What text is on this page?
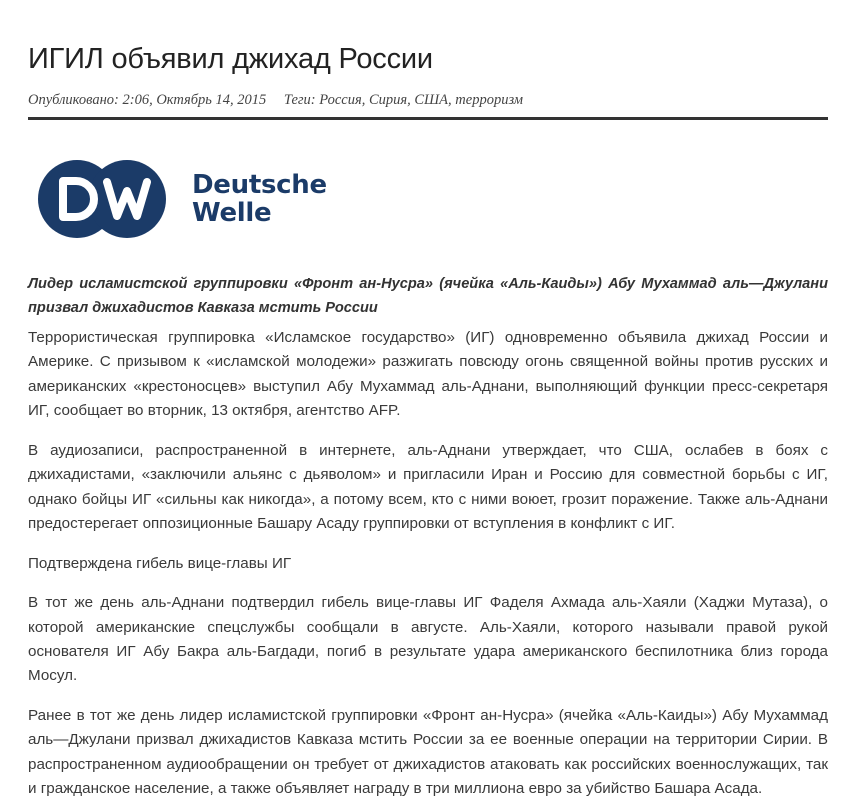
ИГИЛ объявил джихад России
Опубликовано: 2:06, Октябрь 14, 2015 Теги: Россия, Сирия, США, терроризм
Deutsche
Welle
Лидер исламистской группировки «Фронт ан-Нусра» (ячейка «Аль-Каиды») Абу Мухаммад аль—Джулани призвал джихадистов Кавказа мстить России

Террористическая группировка «Исламское государство» (ИГ) одновременно объявила джихад России и Америке. С призывом к «исламской молодежи» разжигать повсюду огонь священной войны против русских и американских «крестоносцев» выступил Абу Мухаммад аль-Аднани, выполняющий функции пресс-секретаря ИГ, сообщает во вторник, 13 октября, агентство AFP.

В аудиозаписи, распространенной в интернете, аль-Аднани утверждает, что США, ослабев в боях с джихадистами, «заключили альянс с дьяволом» и пригласили Иран и Россию для совместной борьбы с ИГ, однако бойцы ИГ «сильны как никогда», а потому всем, кто с ними воюет, грозит поражение. Также аль-Аднани предостерегает оппозиционные Башару Асаду группировки от вступления в конфликт с ИГ.

Подтверждена гибель вице-главы ИГ

В тот же день аль-Аднани подтвердил гибель вице-главы ИГ Фаделя Ахмада аль-Хаяли (Хаджи Мутаза), о которой американские спецслужбы сообщали в августе. Аль-Хаяли, которого называли правой рукой основателя ИГ Абу Бакра аль-Багдади, погиб в результате удара американского беспилотника близ города Мосул.

Ранее в тот же день лидер исламистской группировки «Фронт ан-Нусра» (ячейка «Аль-Каиды») Абу Мухаммад аль—Джулани призвал джихадистов Кавказа мстить России за ее военные операции на территории Сирии. В распространенном аудиообращении он требует от джихадистов атаковать как российских военнослужащих, так и гражданское население, а также объявляет награду в три миллиона евро за убийство Башара Асада.
